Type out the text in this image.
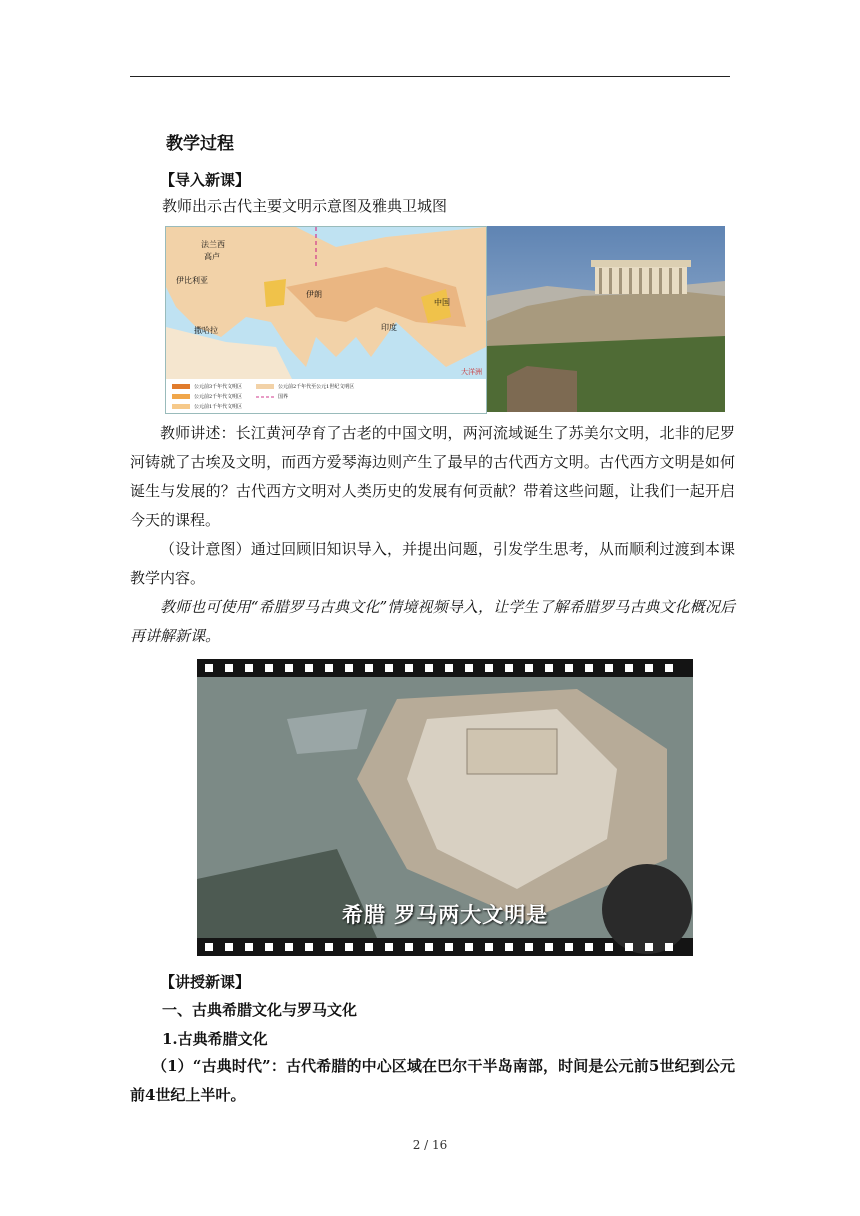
教学过程
【导入新课】
教师出示古代主要文明示意图及雅典卫城图
法兰西
高卢
伊比利亚
撒哈拉
伊朗
中国
印度
大洋洲
公元前3千年代文明区	公元前2千年代至公元1世纪文明区
公元前2千年代文明区	国界
公元前1千年代文明区
教师讲述：长江黄河孕育了古老的中国文明，两河流域诞生了苏美尔文明，北非的尼罗河铸就了古埃及文明，而西方爱琴海边则产生了最早的古代西方文明。古代西方文明是如何诞生与发展的？古代西方文明对人类历史的发展有何贡献？带着这些问题，让我们一起开启今天的课程。
（设计意图）通过回顾旧知识导入，并提出问题，引发学生思考，从而顺利过渡到本课教学内容。
教师也可使用“希腊罗马古典文化”情境视频导入，让学生了解希腊罗马古典文化概况后再讲解新课。
希腊 罗马两大文明是
【讲授新课】
一、古典希腊文化与罗马文化
1.古典希腊文化
（1）“古典时代”：古代希腊的中心区域在巴尔干半岛南部，时间是公元前5世纪到公元前4世纪上半叶。
2 / 16
